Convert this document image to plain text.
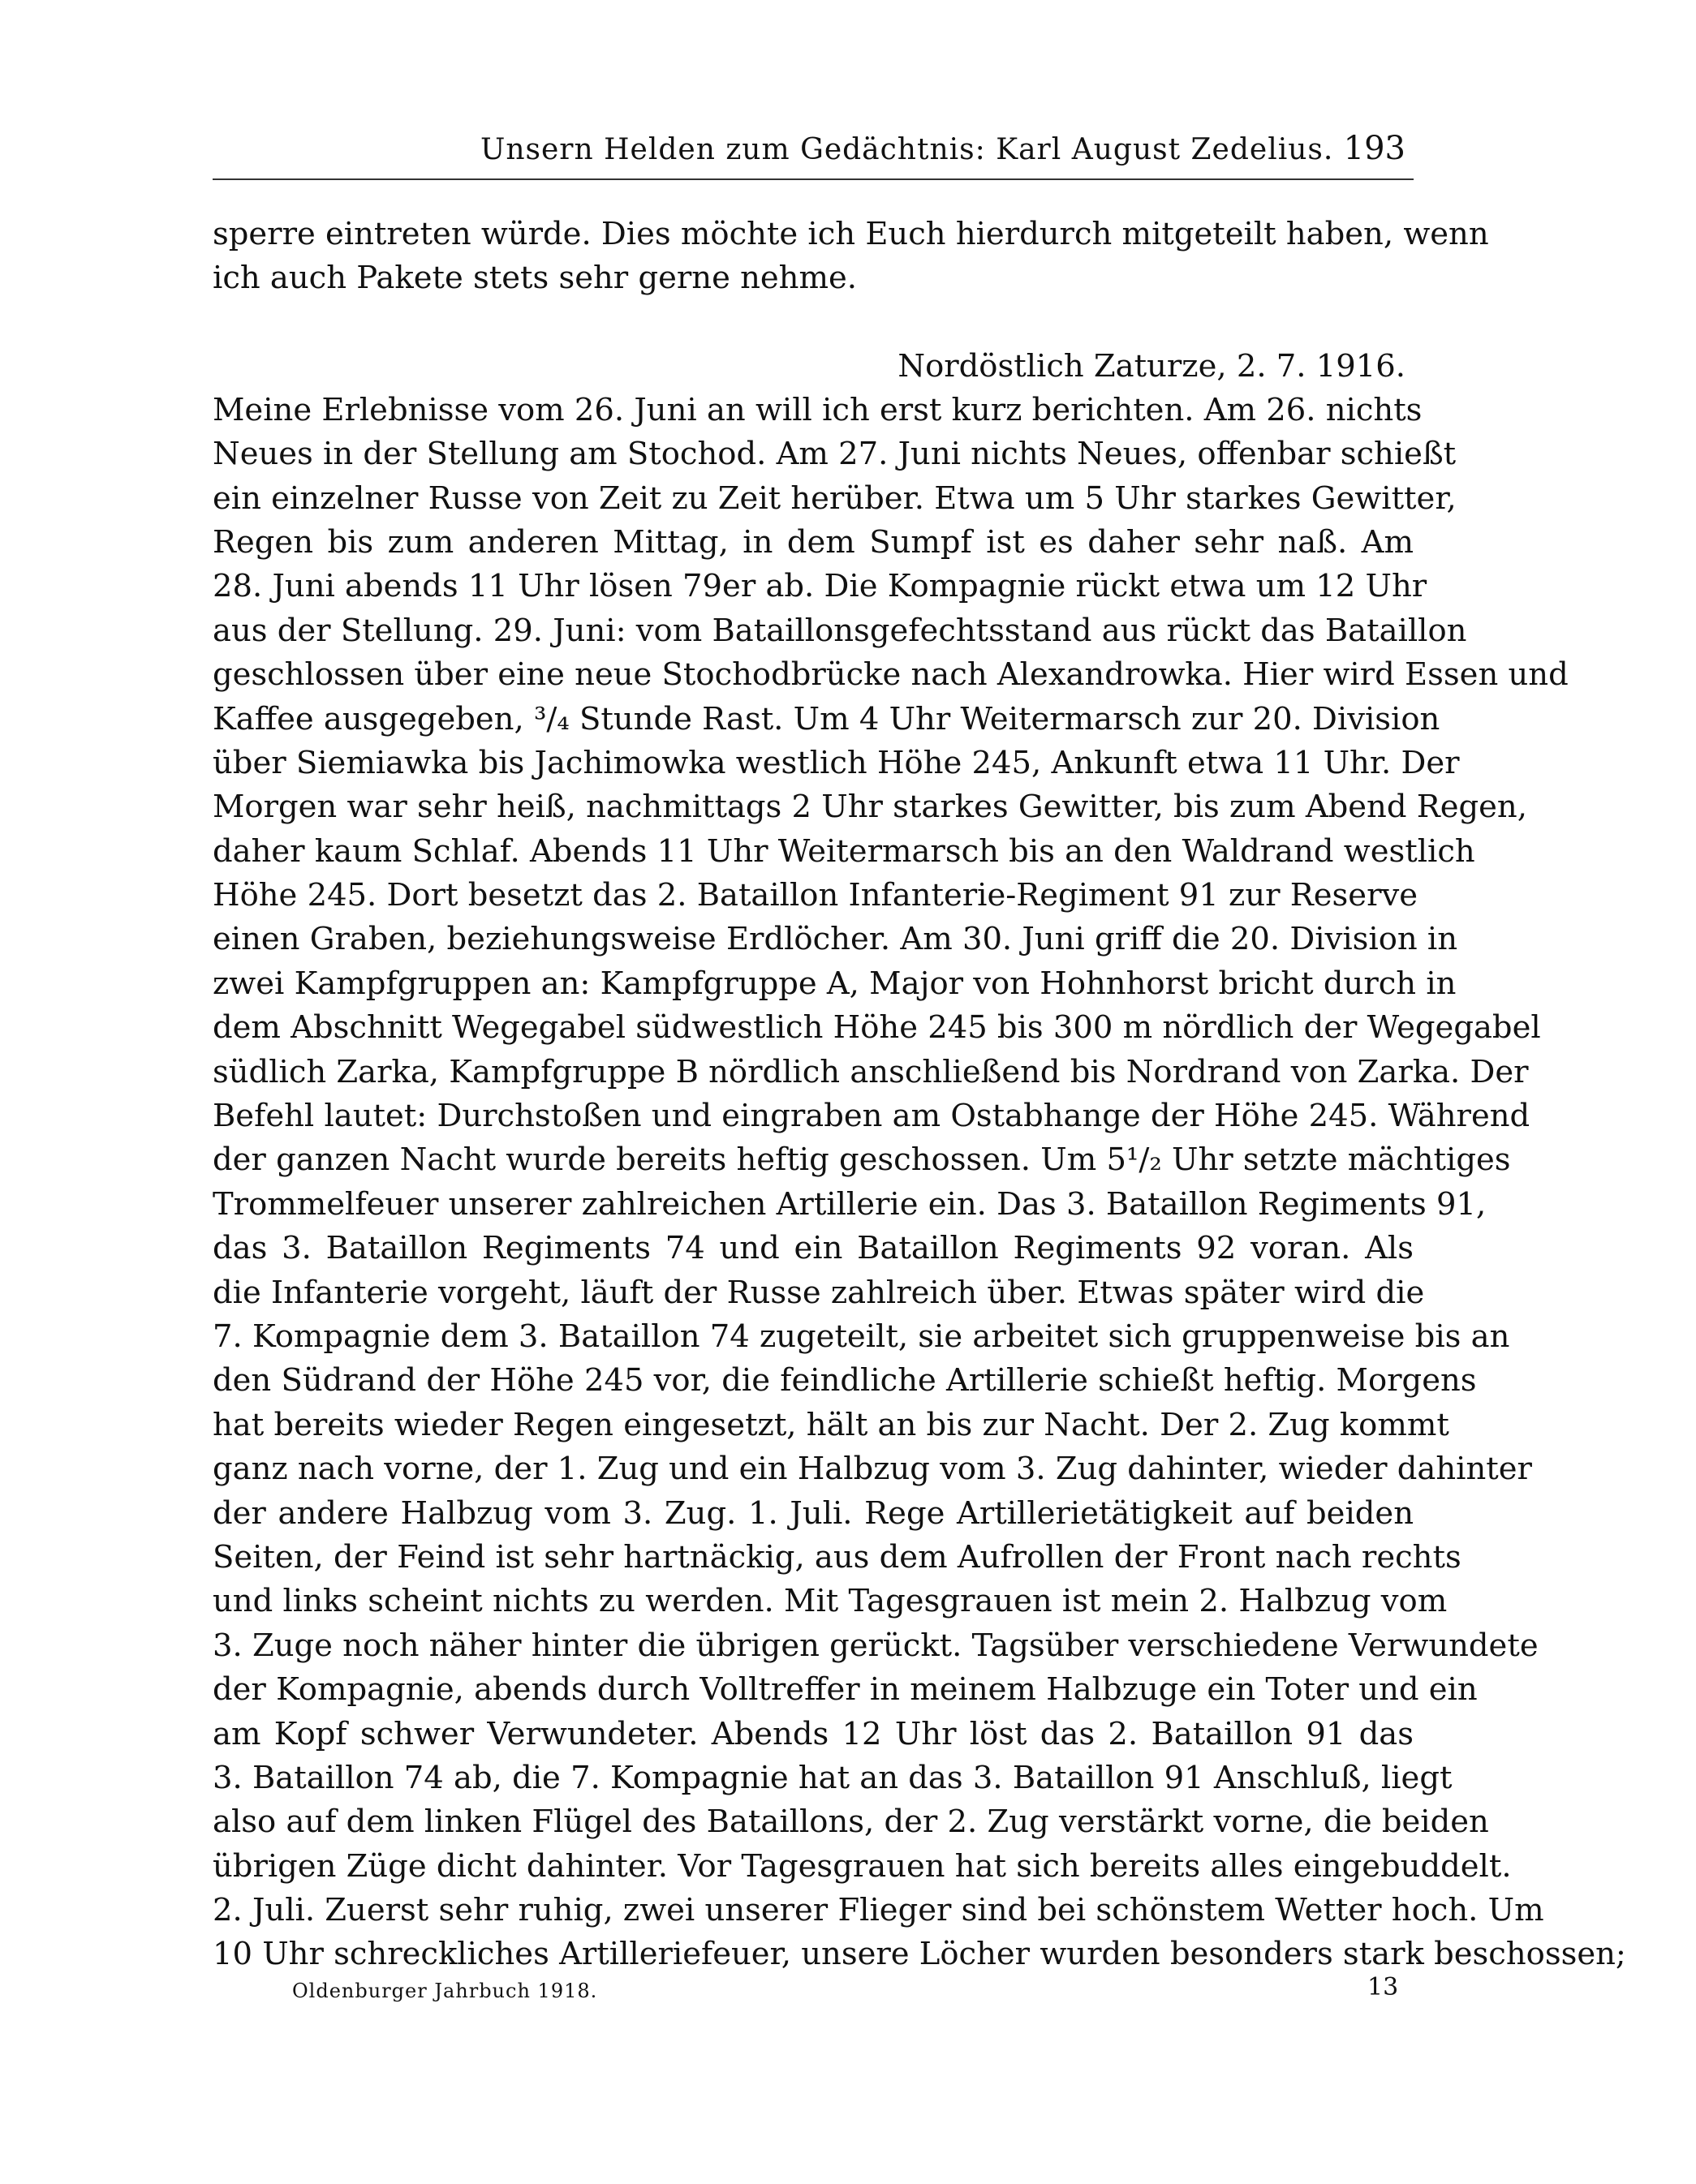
Unsern Helden zum Gedächtnis: Karl August Zedelius. 193
sperre eintreten würde. Dies möchte ich Euch hierdurch mitgeteilt haben, wenn
ich auch Pakete stets sehr gerne nehme.
Nordöstlich Zaturze, 2. 7. 1916.
Meine Erlebnisse vom 26. Juni an will ich erst kurz berichten. Am 26. nichts
Neues in der Stellung am Stochod. Am 27. Juni nichts Neues, offenbar schießt
ein einzelner Russe von Zeit zu Zeit herüber. Etwa um 5 Uhr starkes Gewitter,
Regen bis zum anderen Mittag, in dem Sumpf ist es daher sehr naß. Am
28. Juni abends 11 Uhr lösen 79er ab. Die Kompagnie rückt etwa um 12 Uhr
aus der Stellung. 29. Juni: vom Bataillonsgefechtsstand aus rückt das Bataillon
geschlossen über eine neue Stochodbrücke nach Alexandrowka. Hier wird Essen und
Kaffee ausgegeben, ³/₄ Stunde Rast. Um 4 Uhr Weitermarsch zur 20. Division
über Siemiawka bis Jachimowka westlich Höhe 245, Ankunft etwa 11 Uhr. Der
Morgen war sehr heiß, nachmittags 2 Uhr starkes Gewitter, bis zum Abend Regen,
daher kaum Schlaf. Abends 11 Uhr Weitermarsch bis an den Waldrand westlich
Höhe 245. Dort besetzt das 2. Bataillon Infanterie-Regiment 91 zur Reserve
einen Graben, beziehungsweise Erdlöcher. Am 30. Juni griff die 20. Division in
zwei Kampfgruppen an: Kampfgruppe A, Major von Hohnhorst bricht durch in
dem Abschnitt Wegegabel südwestlich Höhe 245 bis 300 m nördlich der Wegegabel
südlich Zarka, Kampfgruppe B nördlich anschließend bis Nordrand von Zarka. Der
Befehl lautet: Durchstoßen und eingraben am Ostabhange der Höhe 245. Während
der ganzen Nacht wurde bereits heftig geschossen. Um 5¹/₂ Uhr setzte mächtiges
Trommelfeuer unserer zahlreichen Artillerie ein. Das 3. Bataillon Regiments 91,
das 3. Bataillon Regiments 74 und ein Bataillon Regiments 92 voran. Als
die Infanterie vorgeht, läuft der Russe zahlreich über. Etwas später wird die
7. Kompagnie dem 3. Bataillon 74 zugeteilt, sie arbeitet sich gruppenweise bis an
den Südrand der Höhe 245 vor, die feindliche Artillerie schießt heftig. Morgens
hat bereits wieder Regen eingesetzt, hält an bis zur Nacht. Der 2. Zug kommt
ganz nach vorne, der 1. Zug und ein Halbzug vom 3. Zug dahinter, wieder dahinter
der andere Halbzug vom 3. Zug. 1. Juli. Rege Artillerietätigkeit auf beiden
Seiten, der Feind ist sehr hartnäckig, aus dem Aufrollen der Front nach rechts
und links scheint nichts zu werden. Mit Tagesgrauen ist mein 2. Halbzug vom
3. Zuge noch näher hinter die übrigen gerückt. Tagsüber verschiedene Verwundete
der Kompagnie, abends durch Volltreffer in meinem Halbzuge ein Toter und ein
am Kopf schwer Verwundeter. Abends 12 Uhr löst das 2. Bataillon 91 das
3. Bataillon 74 ab, die 7. Kompagnie hat an das 3. Bataillon 91 Anschluß, liegt
also auf dem linken Flügel des Bataillons, der 2. Zug verstärkt vorne, die beiden
übrigen Züge dicht dahinter. Vor Tagesgrauen hat sich bereits alles eingebuddelt.
2. Juli. Zuerst sehr ruhig, zwei unserer Flieger sind bei schönstem Wetter hoch. Um
10 Uhr schreckliches Artilleriefeuer, unsere Löcher wurden besonders stark beschossen;
Oldenburger Jahrbuch 1918.	13
